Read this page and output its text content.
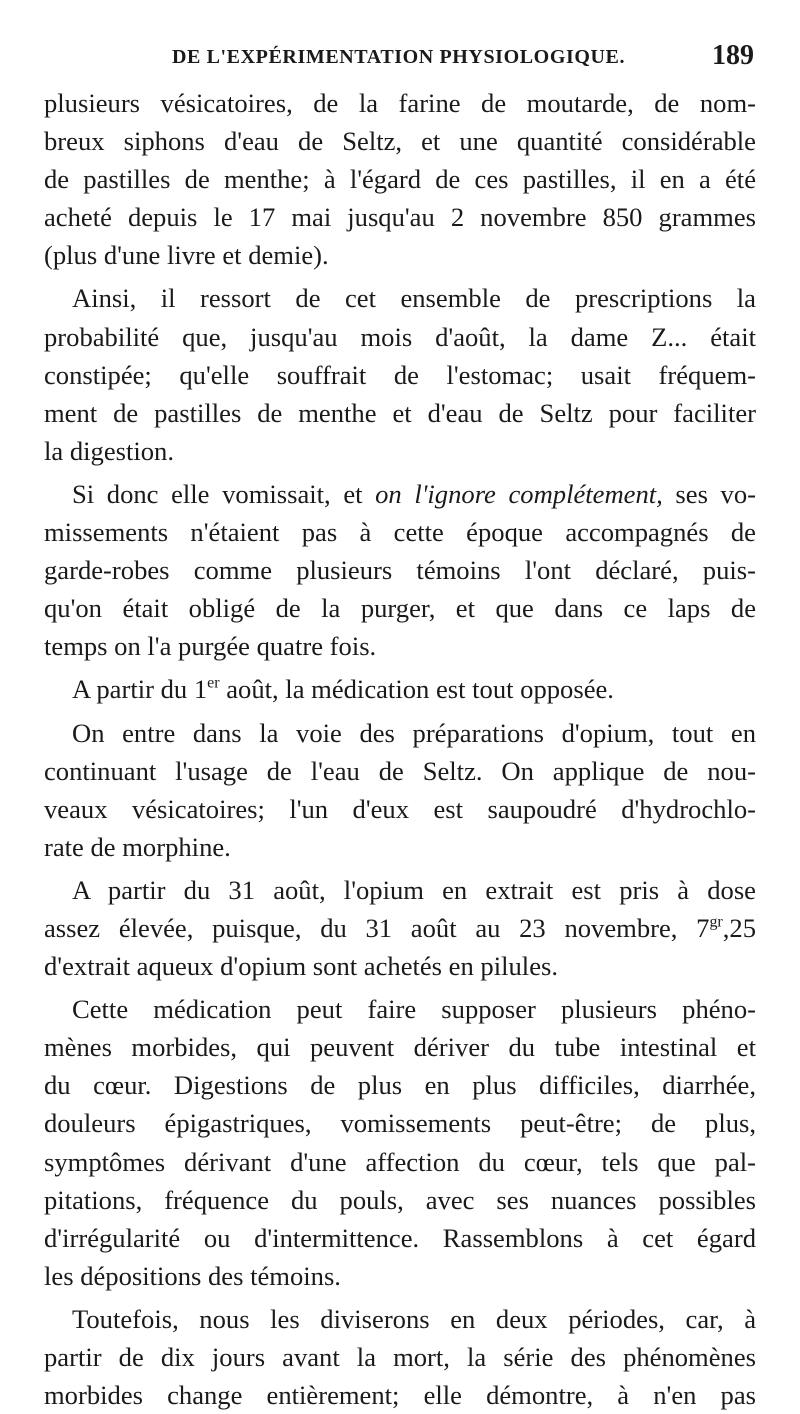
DE L'EXPÉRIMENTATION PHYSIOLOGIQUE.	189

plusieurs vésicatoires, de la farine de moutarde, de nom-

breux siphons d'eau de Seltz, et une quantité considérable

de pastilles de menthe; à l'égard de ces pastilles, il en a été

acheté depuis le 17 mai jusqu'au 2 novembre 850 grammes

(plus d'une livre et demie).

Ainsi, il ressort de cet ensemble de prescriptions la

probabilité que, jusqu'au mois d'août, la dame Z... était

constipée; qu'elle souffrait de l'estomac; usait fréquem-

ment de pastilles de menthe et d'eau de Seltz pour faciliter

la digestion.

Si donc elle vomissait, et on l'ignore complétement, ses vo-

missements n'étaient pas à cette époque accompagnés de

garde-robes comme plusieurs témoins l'ont déclaré, puis-

qu'on était obligé de la purger, et que dans ce laps de

temps on l'a purgée quatre fois.

A partir du 1er août, la médication est tout opposée.

On entre dans la voie des préparations d'opium, tout en

continuant l'usage de l'eau de Seltz. On applique de nou-

veaux vésicatoires; l'un d'eux est saupoudré d'hydrochlo-

rate de morphine.

A partir du 31 août, l'opium en extrait est pris à dose

assez élevée, puisque, du 31 août au 23 novembre, $7^{gr},25$

d'extrait aqueux d'opium sont achetés en pilules.

Cette médication peut faire supposer plusieurs phéno-

mènes morbides, qui peuvent dériver du tube intestinal et

du cœur. Digestions de plus en plus difficiles, diarrhée,

douleurs épigastriques, vomissements peut-être; de plus,

symptômes dérivant d'une affection du cœur, tels que pal-

pitations, fréquence du pouls, avec ses nuances possibles

d'irrégularité ou d'intermittence. Rassemblons à cet égard

les dépositions des témoins.

Toutefois, nous les diviserons en deux périodes, car, à

partir de dix jours avant la mort, la série des phénomènes

morbides change entièrement; elle démontre, à n'en pas
